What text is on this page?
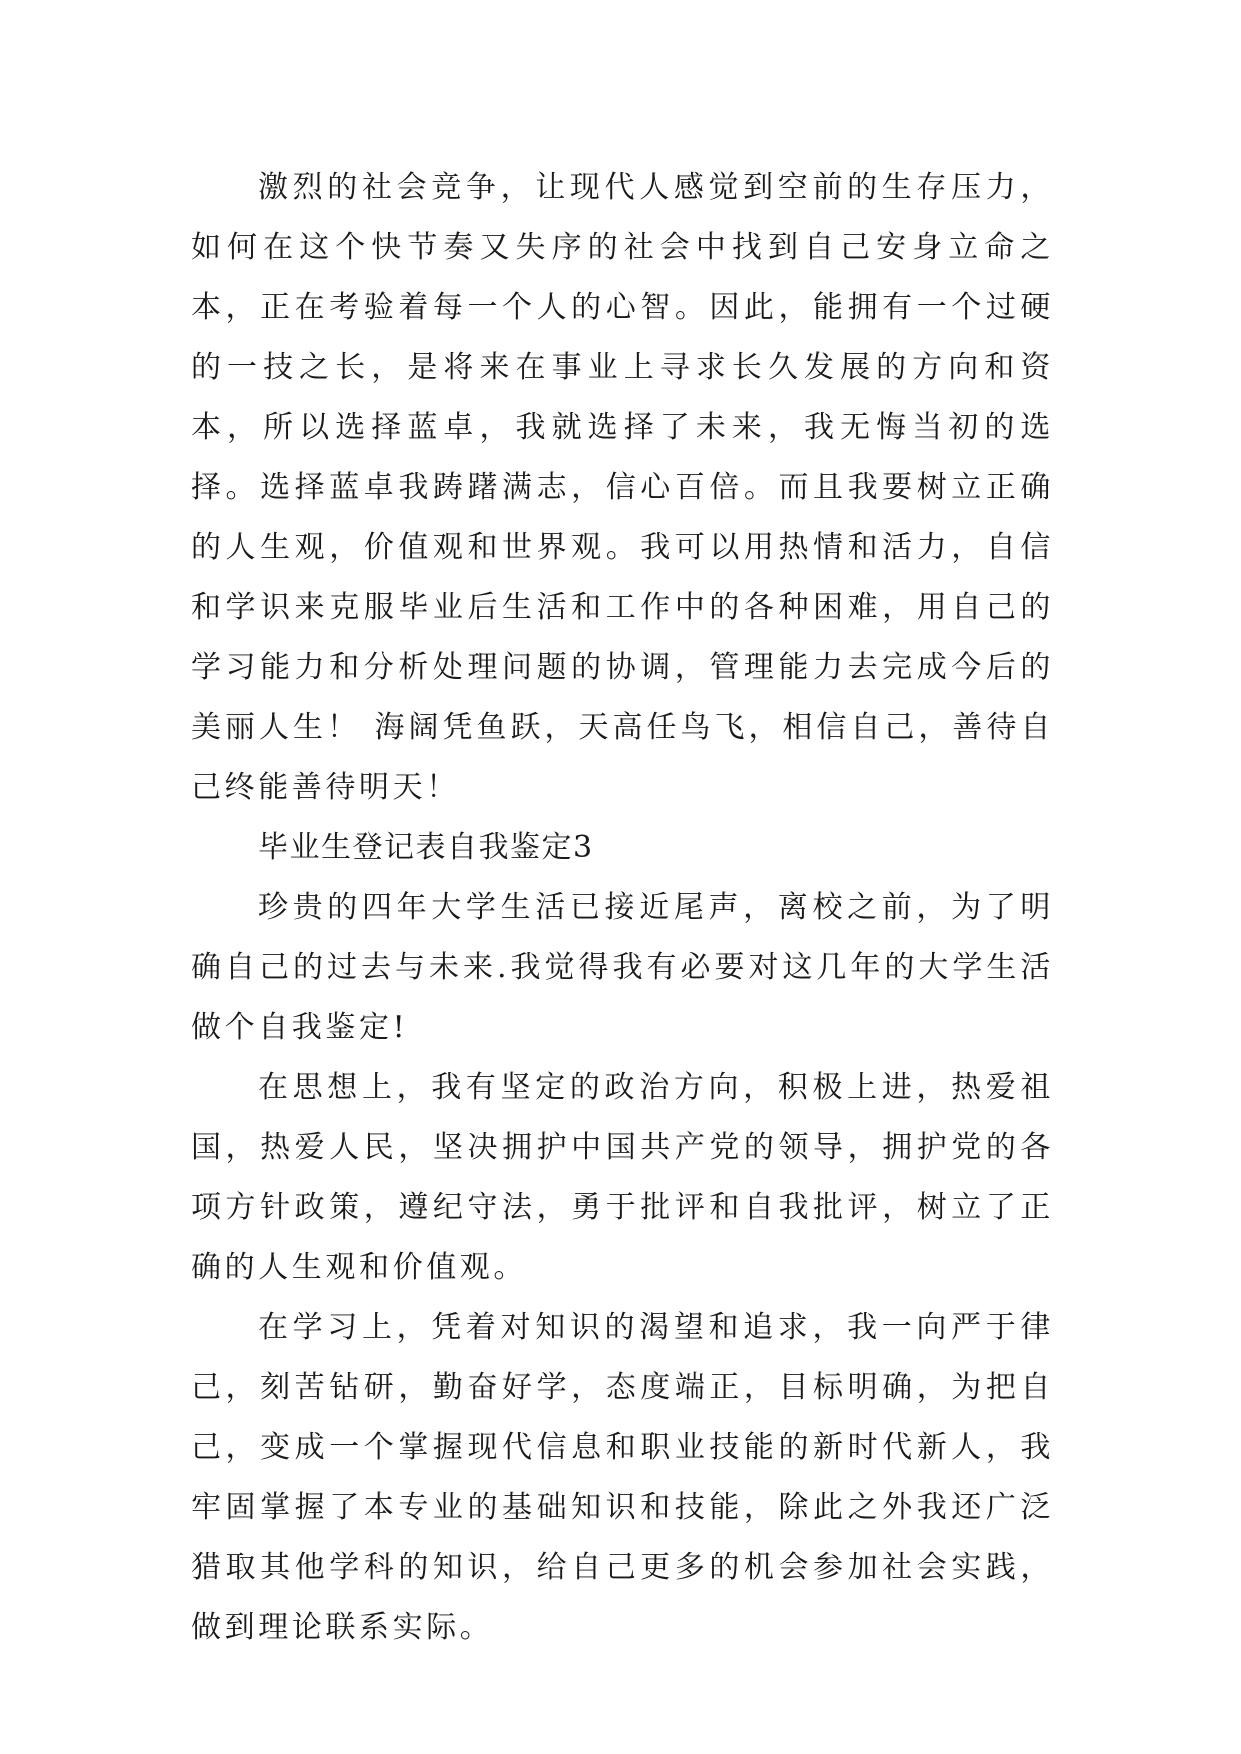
激烈的社会竞争，让现代人感觉到空前的生存压力，如何在这个快节奏又失序的社会中找到自己安身立命之本，正在考验着每一个人的心智。因此，能拥有一个过硬的一技之长，是将来在事业上寻求长久发展的方向和资本，所以选择蓝卓，我就选择了未来，我无悔当初的选择。选择蓝卓我踌躇满志，信心百倍。而且我要树立正确的人生观，价值观和世界观。我可以用热情和活力，自信和学识来克服毕业后生活和工作中的各种困难，用自己的学习能力和分析处理问题的协调，管理能力去完成今后的美丽人生！ 海阔凭鱼跃，天高任鸟飞，相信自己，善待自己终能善待明天！

毕业生登记表自我鉴定3

珍贵的四年大学生活已接近尾声，离校之前，为了明确自己的过去与未来.我觉得我有必要对这几年的大学生活做个自我鉴定!

在思想上，我有坚定的政治方向，积极上进，热爱祖国，热爱人民，坚决拥护中国共产党的领导，拥护党的各项方针政策，遵纪守法，勇于批评和自我批评，树立了正确的人生观和价值观。

在学习上，凭着对知识的渴望和追求，我一向严于律己，刻苦钻研，勤奋好学，态度端正，目标明确，为把自己，变成一个掌握现代信息和职业技能的新时代新人，我牢固掌握了本专业的基础知识和技能，除此之外我还广泛猎取其他学科的知识，给自己更多的机会参加社会实践，做到理论联系实际。
